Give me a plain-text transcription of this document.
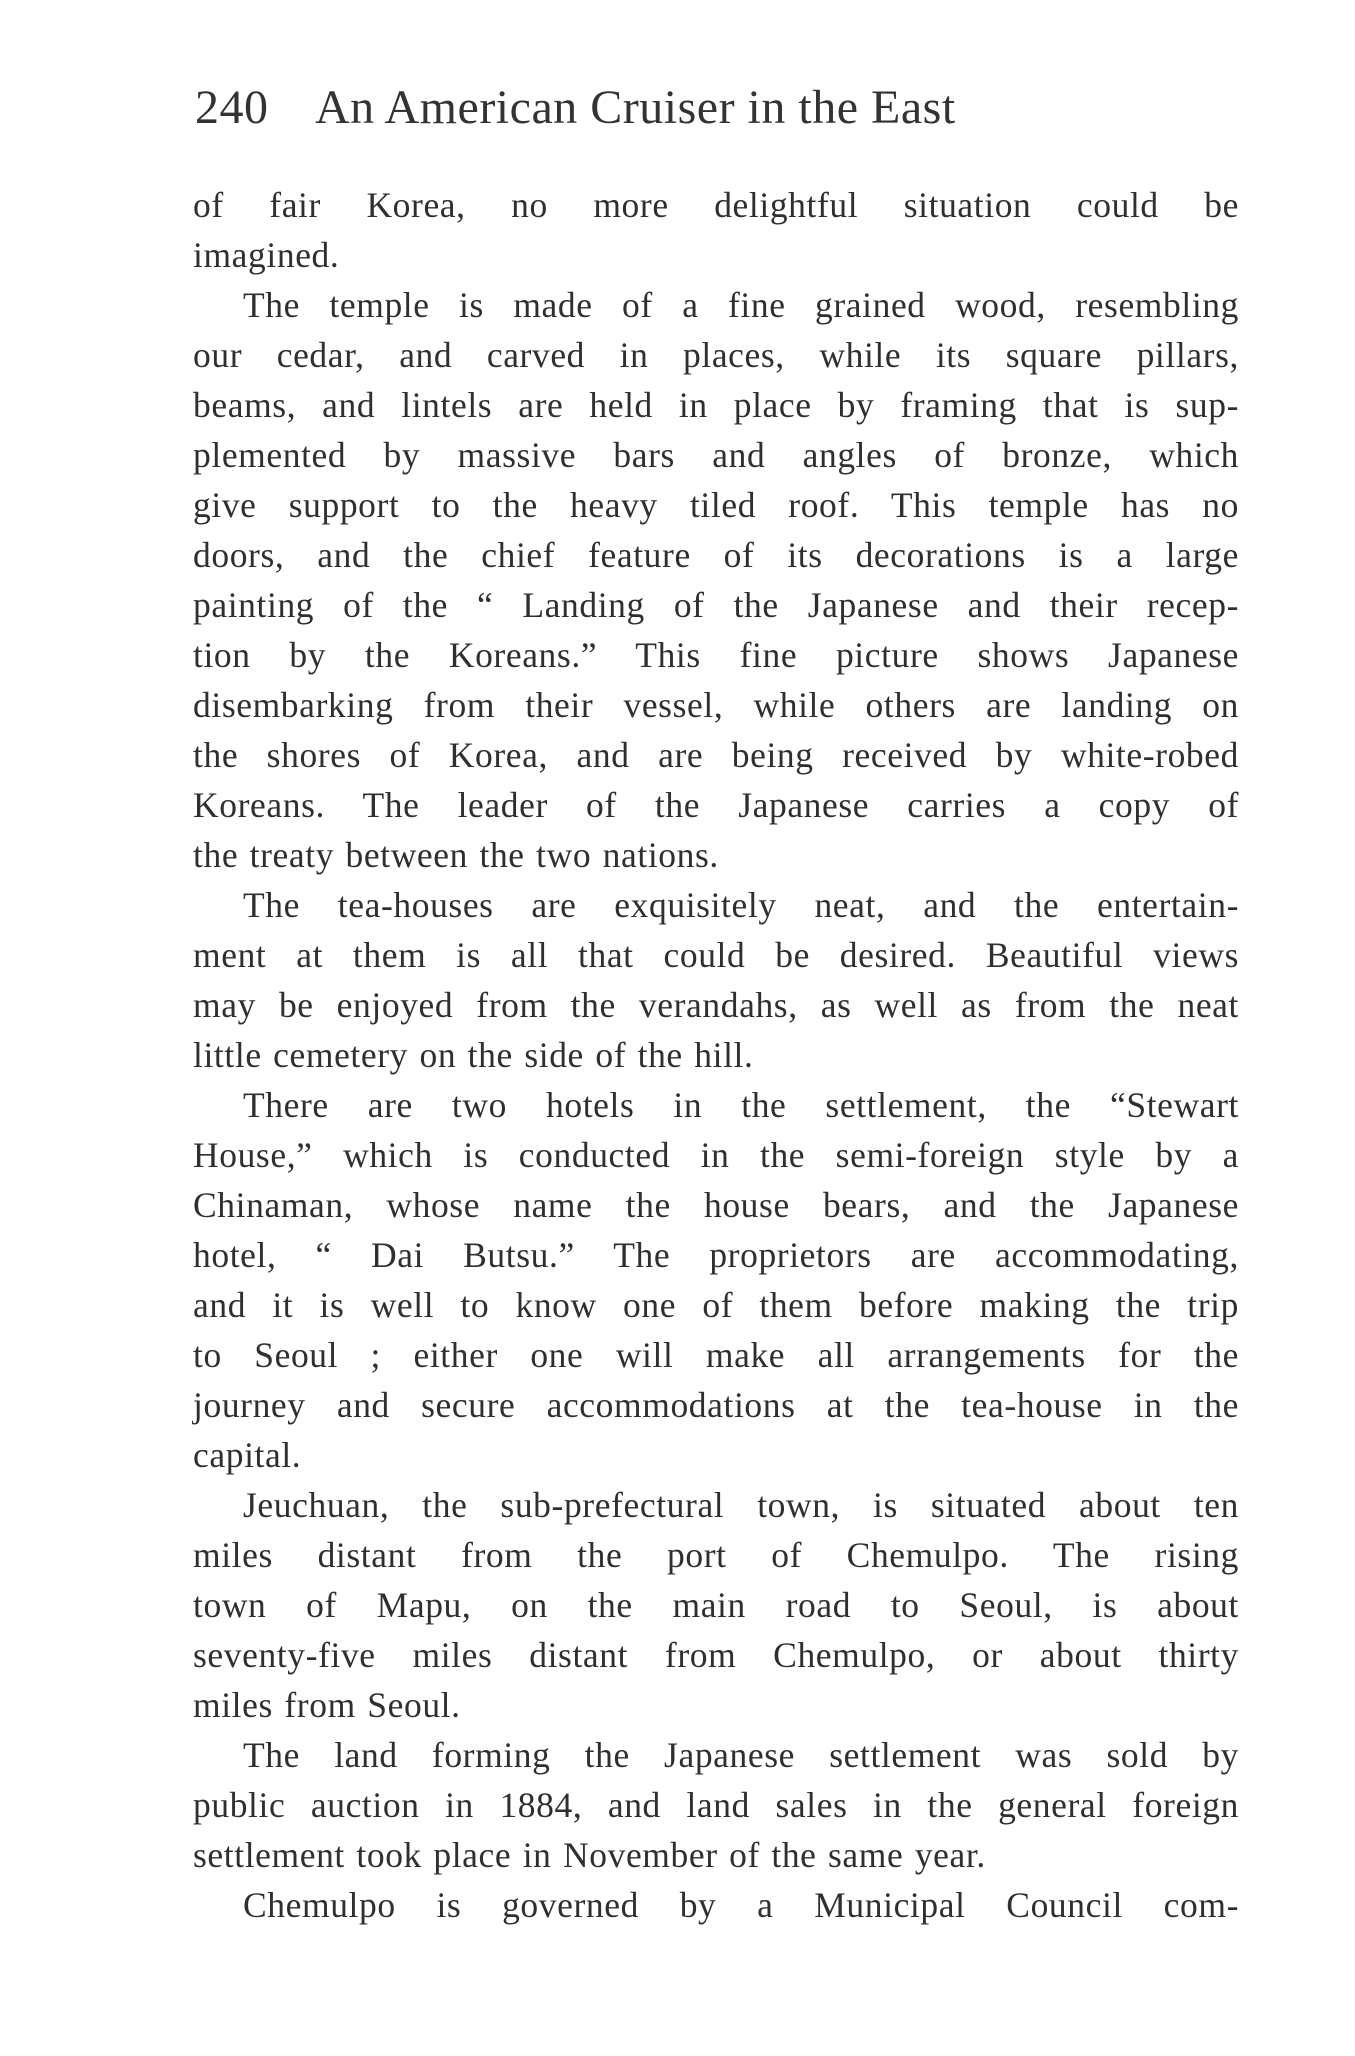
240 An American Cruiser in the East

of fair Korea, no more delightful situation could be

imagined.

The temple is made of a fine grained wood, resembling

our cedar, and carved in places, while its square pillars,

beams, and lintels are held in place by framing that is sup-

plemented by massive bars and angles of bronze, which

give support to the heavy tiled roof. This temple has no

doors, and the chief feature of its decorations is a large

painting of the “ Landing of the Japanese and their recep-

tion by the Koreans.” This fine picture shows Japanese

disembarking from their vessel, while others are landing on

the shores of Korea, and are being received by white-robed

Koreans. The leader of the Japanese carries a copy of

the treaty between the two nations.

The tea-houses are exquisitely neat, and the entertain-

ment at them is all that could be desired. Beautiful views

may be enjoyed from the verandahs, as well as from the neat

little cemetery on the side of the hill.

There are two hotels in the settlement, the “Stewart

House,” which is conducted in the semi-foreign style by a

Chinaman, whose name the house bears, and the Japanese

hotel, “ Dai Butsu.” The proprietors are accommodating,

and it is well to know one of them before making the trip

to Seoul ; either one will make all arrangements for the

journey and secure accommodations at the tea-house in the

capital.

Jeuchuan, the sub-prefectural town, is situated about ten

miles distant from the port of Chemulpo. The rising

town of Mapu, on the main road to Seoul, is about

seventy-five miles distant from Chemulpo, or about thirty

miles from Seoul.

The land forming the Japanese settlement was sold by

public auction in 1884, and land sales in the general foreign

settlement took place in November of the same year.

Chemulpo is governed by a Municipal Council com-
